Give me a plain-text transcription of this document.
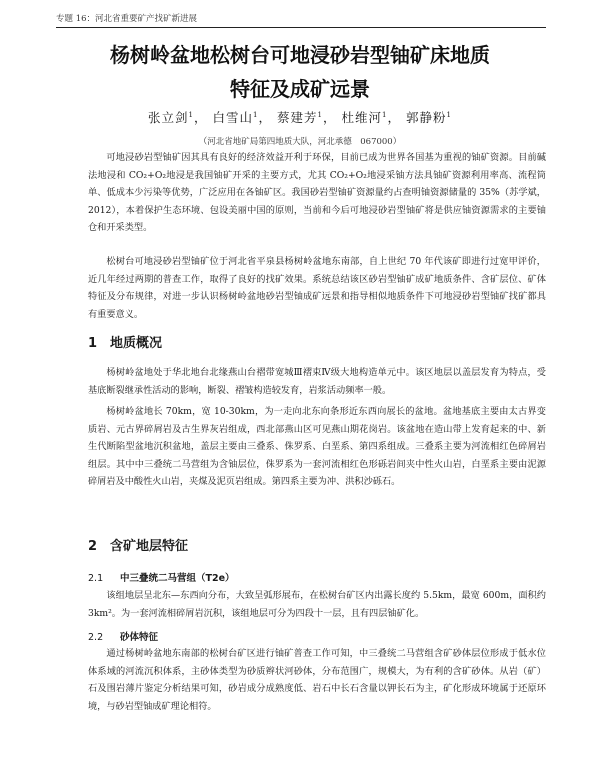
专题 16：河北省重要矿产找矿新进展
杨树岭盆地松树台可地浸砂岩型铀矿床地质
特征及成矿远景
张立剑$^1$， 白雪山$^1$， 蔡建芳$^1$， 杜维河$^1$， 郭静粉$^1$
（河北省地矿局第四地质大队，河北承德　067000）

可地浸砂岩型铀矿因其具有良好的经济效益开利于环保，目前已成为世界各国基为重视的铀矿资源。目前碱法地浸和 CO₂+O₂地浸是我国铀矿开采的主要方式，尤其 CO₂+O₂地浸采铀方法具铀矿资源利用率高、流程筒单、低成本少污染等优势，广泛应用在各铀矿区。我国砂岩型铀矿资源量约占查明铀资源储量的 35%（苏学斌，2012），本着保护生态环境、包设美丽中国的原则，当前和今后可地浸砂岩型铀矿将是供应铀资源需求的主要铀仓和开采类型。

松树台可地浸砂岩型铀矿位于河北省平泉县杨树岭盆地东南部，自上世纪 70 年代该矿即进行过宽甲评价，近几年经过两期的普查工作，取得了良好的找矿效果。系统总结该区砂岩型铀矿成矿地质条件、含矿层位、矿体特征及分布规律，对进一步认识杨树岭盆地砂岩型铀成矿远景和指导相似地质条件下可地浸砂岩型铀矿找矿都具有重要意义。

1 地质概况

杨树岭盆地处于华北地台北缘燕山台褶带宽城Ⅲ褶束Ⅳ级大地构造单元中。该区地层以盖层发育为特点，受基底断裂继承性活动的影响，断裂、褶皱构造较发育，岩浆活动频率一般。

杨树岭盆地长 70km，宽 10-30km，为一走向北东向条形近东西向展长的盆地。盆地基底主要由太古界变质岩、元古界碎屑岩及古生界灰岩组成，西北部燕山区可见燕山期花岗岩。该盆地在造山带上发育起来的中、新生代断陷型盆地沉积盆地，盖层主要由三叠系、侏罗系、白垩系、第四系组成。三叠系主要为河流相红色碎屑岩组层。其中中三叠统二马营组为含铀层位，侏罗系为一套河流相红色形砾岩间夹中性火山岩，白垩系主要由泥源碎屑岩及中酸性火山岩，夹煤及泥页岩组成。第四系主要为冲、洪积沙砾石。

2 含矿地层特征
2.1 中三叠统二马营组（T2e）

该组地层呈北东—东西向分布，大致呈弧形展布，在松树台矿区内出露长度约 5.5km，最宽 600m，面积约 3km²。为一套河流相碎屑岩沉积，该组地层可分为四段十一层，且有四层铀矿化。

2.2 砂体特征

通过杨树岭盆地东南部的松树台矿区进行铀矿普查工作可知，中三叠统二马营组含矿砂体层位形成于低水位体系域的河流沉积体系，主砂体类型为砂质辫状河砂体，分布范围广，规模大，为有利的含矿砂体。从岩（矿）石及围岩薄片鉴定分析结果可知，砂岩成分成熟度低、岩石中长石含量以钾长石为主，矿化形成环境属于还原环境，与砂岩型铀成矿理论相符。
